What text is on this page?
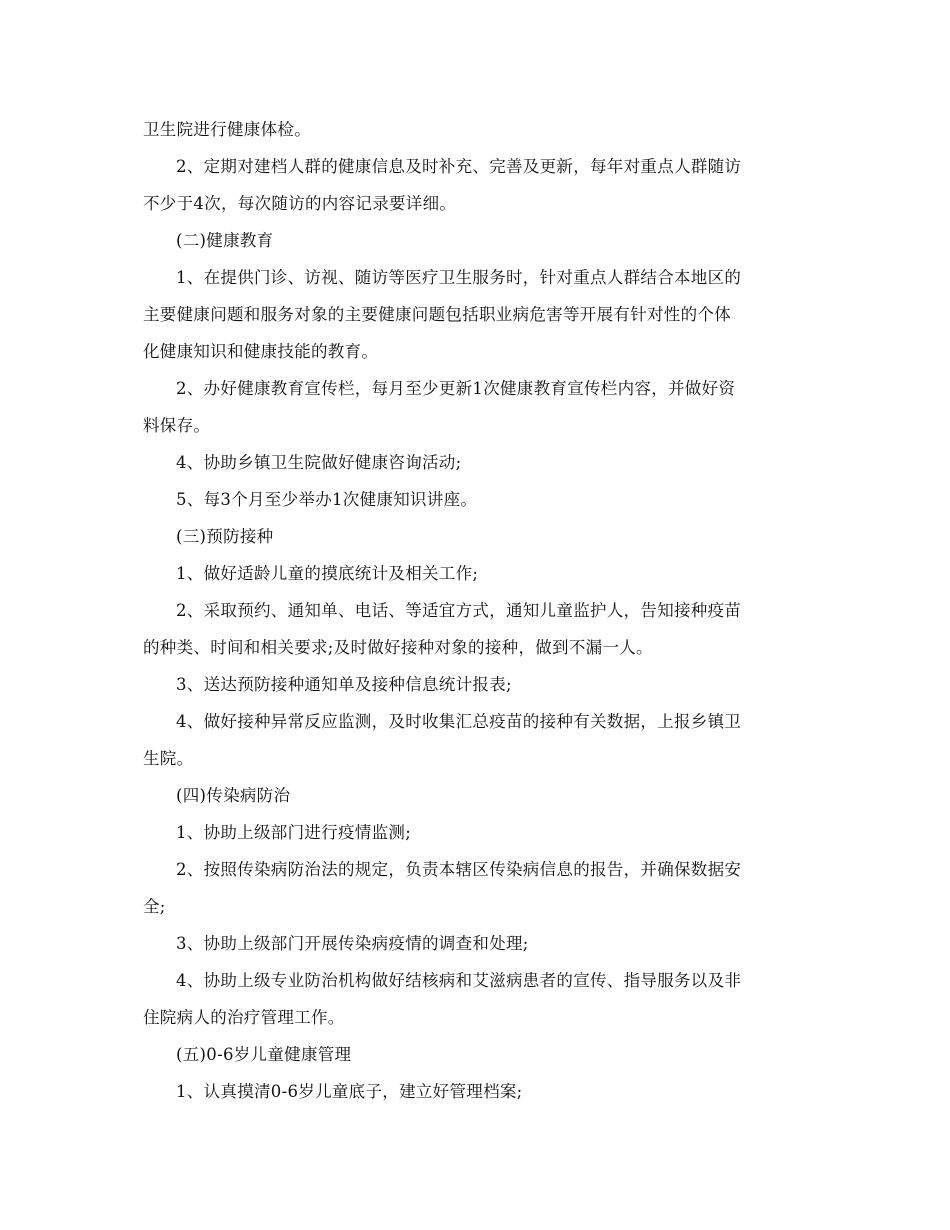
卫生院进行健康体检。
2、定期对建档人群的健康信息及时补充、完善及更新，每年对重点人群随访
不少于4次，每次随访的内容记录要详细。
(二)健康教育
1、在提供门诊、访视、随访等医疗卫生服务时，针对重点人群结合本地区的
主要健康问题和服务对象的主要健康问题包括职业病危害等开展有针对性的个体
化健康知识和健康技能的教育。
2、办好健康教育宣传栏，每月至少更新1次健康教育宣传栏内容，并做好资
料保存。
4、协助乡镇卫生院做好健康咨询活动;
5、每3个月至少举办1次健康知识讲座。
(三)预防接种
1、做好适龄儿童的摸底统计及相关工作;
2、采取预约、通知单、电话、等适宜方式，通知儿童监护人，告知接种疫苗
的种类、时间和相关要求;及时做好接种对象的接种，做到不漏一人。
3、送达预防接种通知单及接种信息统计报表;
4、做好接种异常反应监测，及时收集汇总疫苗的接种有关数据，上报乡镇卫
生院。
(四)传染病防治
1、协助上级部门进行疫情监测;
2、按照传染病防治法的规定，负责本辖区传染病信息的报告，并确保数据安
全;
3、协助上级部门开展传染病疫情的调查和处理;
4、协助上级专业防治机构做好结核病和艾滋病患者的宣传、指导服务以及非
住院病人的治疗管理工作。
(五)0-6岁儿童健康管理
1、认真摸清0-6岁儿童底子，建立好管理档案;
